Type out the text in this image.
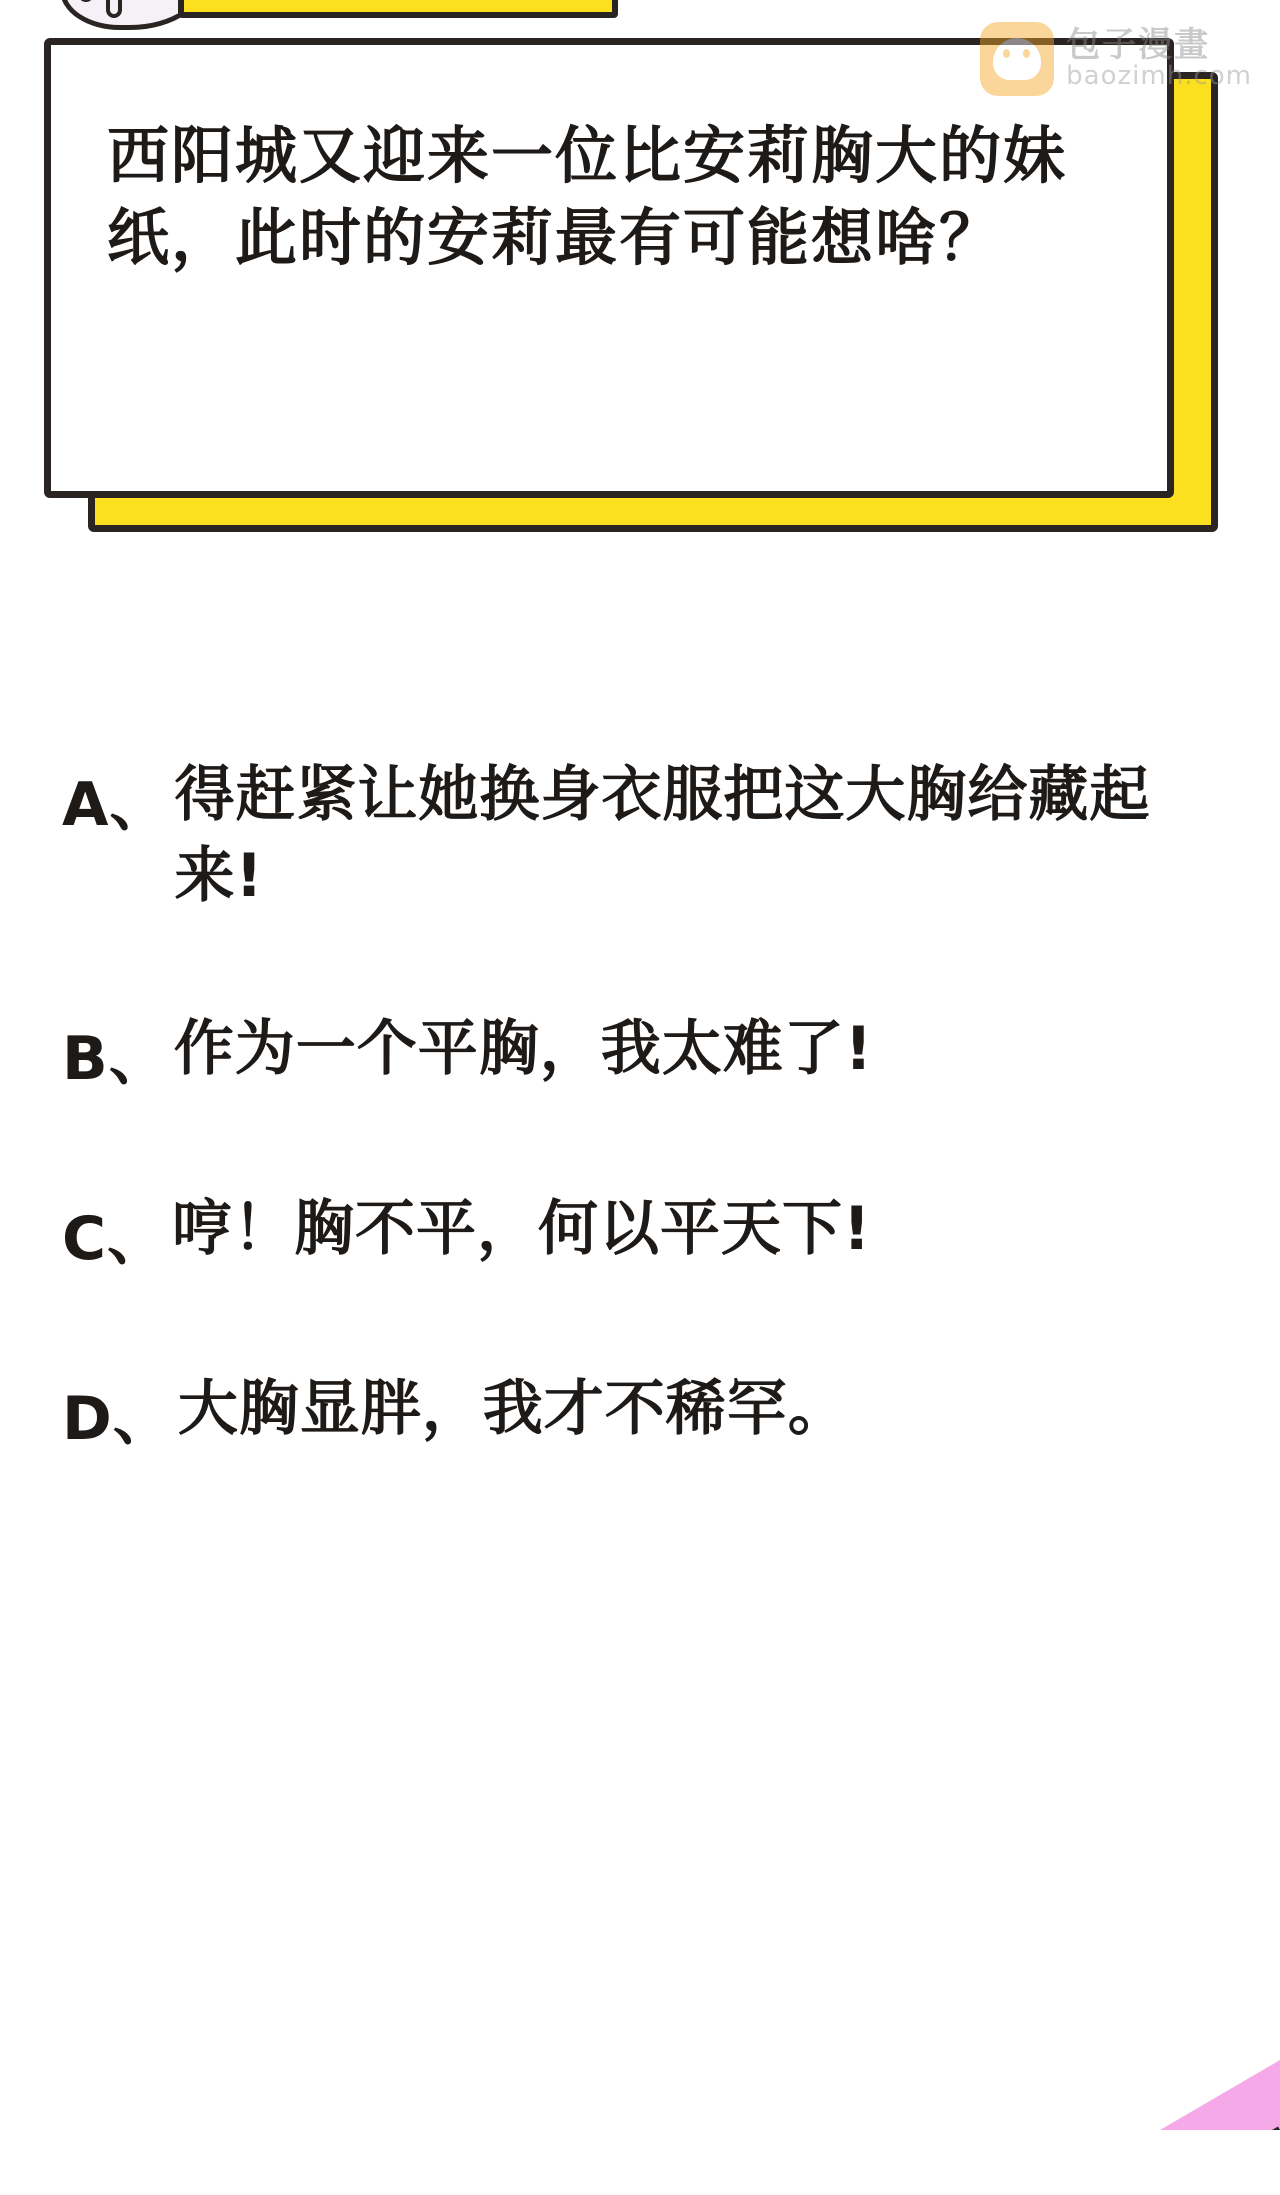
西阳城又迎来一位比安莉胸大的妹纸，此时的安莉最有可能想啥？
包子漫畫
baozimh.com
A、 得赶紧让她换身衣服把这大胸给藏起来!
B、 作为一个平胸，我太难了!
C、 哼！胸不平，何以平天下!
D、 大胸显胖，我才不稀罕。
